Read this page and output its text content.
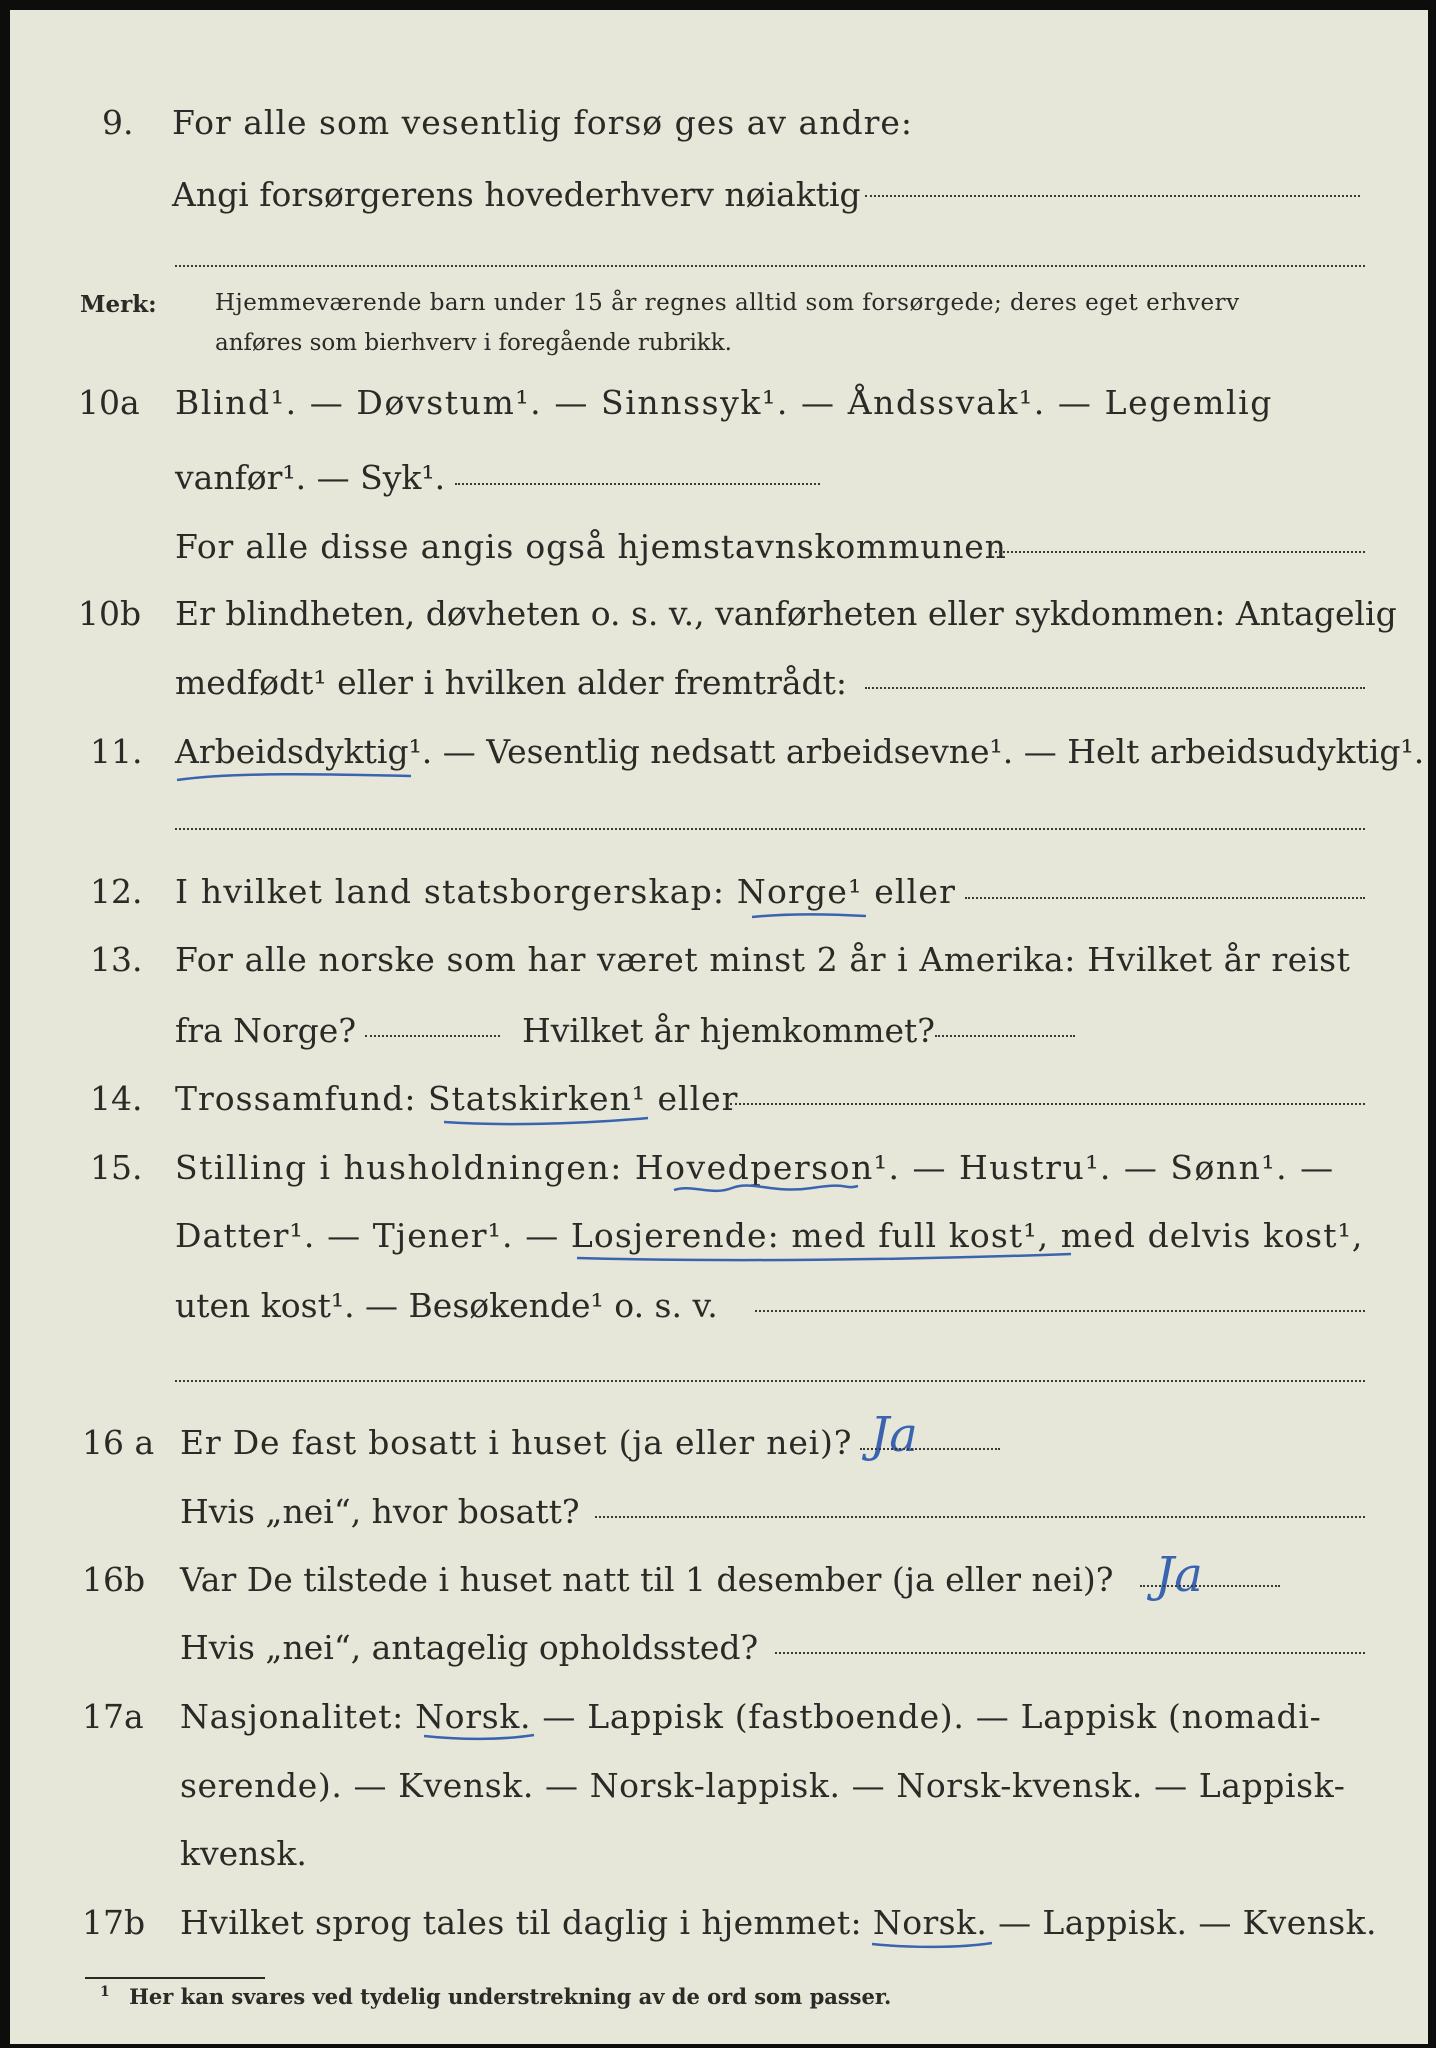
9. For alle som vesentlig forsø ges av andre:
Angi forsørgerens hovederhverv nøiaktig
Merk:	Hjemmeværende barn under 15 år regnes alltid som forsørgede; deres eget erhverv
anføres som bierhverv i foregående rubrikk.
10a Blind¹. — Døvstum¹. — Sinnssyk¹. — Åndssvak¹. — Legemlig
vanfør¹. — Syk¹.
For alle disse angis også hjemstavnskommunen
10b Er blindheten, døvheten o. s. v., vanførheten eller sykdommen: Antagelig
medfødt¹ eller i hvilken alder fremtrådt:
11. Arbeidsdyktig¹. — Vesentlig nedsatt arbeidsevne¹. — Helt arbeidsudyktig¹.
12. I hvilket land statsborgerskap: Norge¹ eller
13. For alle norske som har været minst 2 år i Amerika: Hvilket år reist
fra Norge?	Hvilket år hjemkommet?
14. Trossamfund: Statskirken¹ eller
15. Stilling i husholdningen: Hovedperson¹. — Hustru¹. — Sønn¹. —
Datter¹. — Tjener¹. — Losjerende: med full kost¹, med delvis kost¹,
uten kost¹. — Besøkende¹ o. s. v.
16 a Er De fast bosatt i huset (ja eller nei)? Ja
Hvis „nei“, hvor bosatt?
16b Var De tilstede i huset natt til 1 desember (ja eller nei)? Ja
Hvis „nei“, antagelig opholdssted?
17a Nasjonalitet: Norsk. — Lappisk (fastboende). — Lappisk (nomadi-
serende). — Kvensk. — Norsk-lappisk. — Norsk-kvensk. — Lappisk-
kvensk.
17b Hvilket sprog tales til daglig i hjemmet: Norsk. — Lappisk. — Kvensk.
$^1$ Her kan svares ved tydelig understrekning av de ord som passer.
